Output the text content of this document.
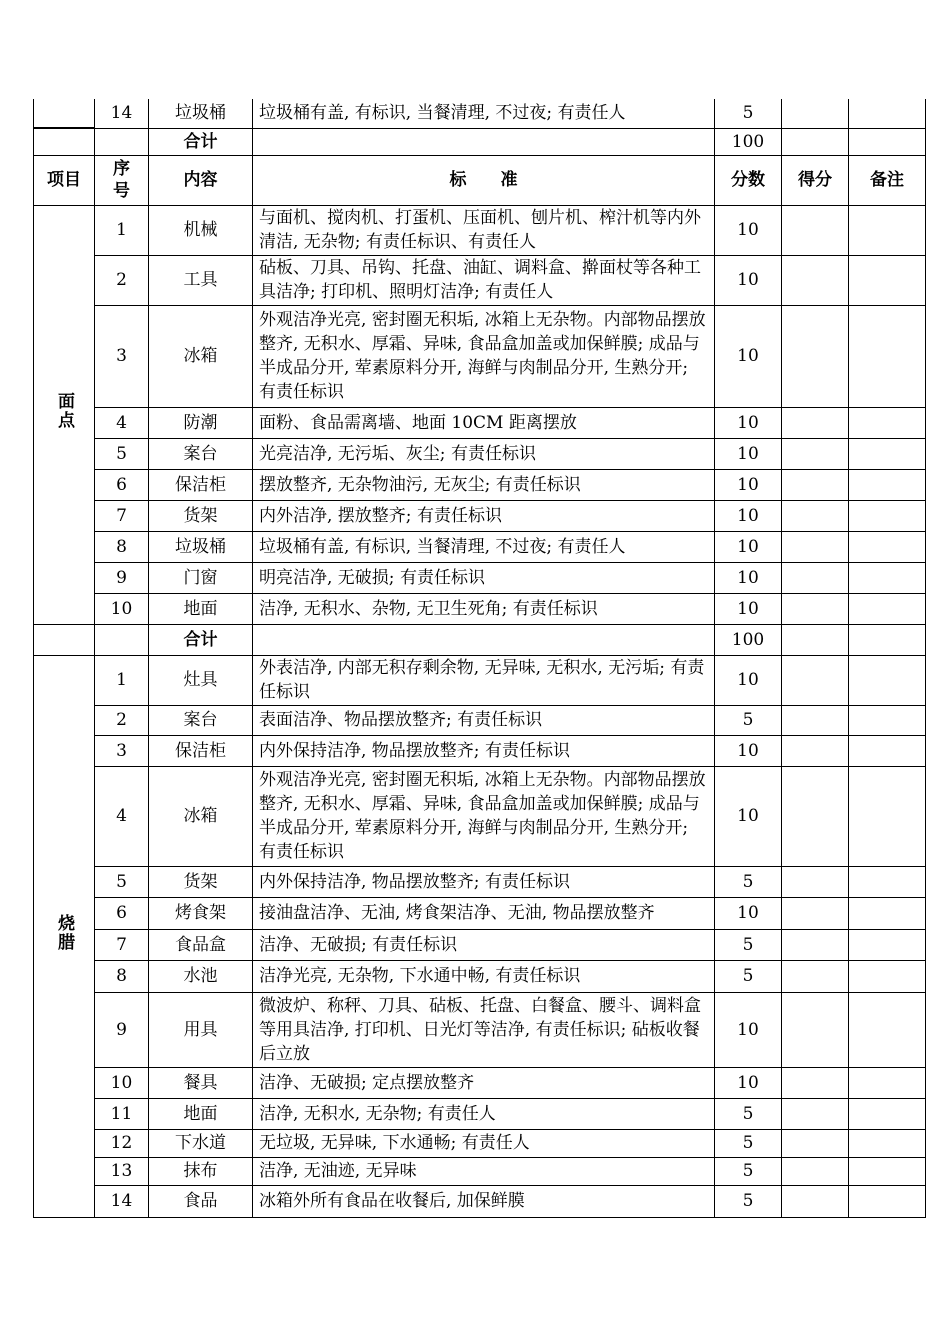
	14	垃圾桶	垃圾桶有盖, 有标识, 当餐清理, 不过夜; 有责任人	5		
		合计		100		
项目	序号	内容	标　　准	分数	得分	备注
面点	1	机械	与面机、搅肉机、打蛋机、压面机、刨片机、榨汁机等内外清洁, 无杂物; 有责任标识、有责任人	10		
	2	工具	砧板、刀具、吊钩、托盘、油缸、调料盒、擀面杖等各种工具洁净; 打印机、照明灯洁净; 有责任人	10		
	3	冰箱	外观洁净光亮, 密封圈无积垢, 冰箱上无杂物。内部物品摆放整齐, 无积水、厚霜、异味, 食品盒加盖或加保鲜膜; 成品与半成品分开, 荤素原料分开, 海鲜与肉制品分开, 生熟分开; 有责任标识	10		
	4	防潮	面粉、食品需离墙、地面 10CM 距离摆放	10		
	5	案台	光亮洁净, 无污垢、灰尘; 有责任标识	10		
	6	保洁柜	摆放整齐, 无杂物油污, 无灰尘; 有责任标识	10		
	7	货架	内外洁净, 摆放整齐; 有责任标识	10		
	8	垃圾桶	垃圾桶有盖, 有标识, 当餐清理, 不过夜; 有责任人	10		
	9	门窗	明亮洁净, 无破损; 有责任标识	10		
	10	地面	洁净, 无积水、杂物, 无卫生死角; 有责任标识	10		
		合计		100		
烧腊	1	灶具	外表洁净, 内部无积存剩余物, 无异味, 无积水, 无污垢; 有责任标识	10		
	2	案台	表面洁净、物品摆放整齐; 有责任标识	5		
	3	保洁柜	内外保持洁净, 物品摆放整齐; 有责任标识	10		
	4	冰箱	外观洁净光亮, 密封圈无积垢, 冰箱上无杂物。内部物品摆放整齐, 无积水、厚霜、异味, 食品盒加盖或加保鲜膜; 成品与半成品分开, 荤素原料分开, 海鲜与肉制品分开, 生熟分开; 有责任标识	10		
	5	货架	内外保持洁净, 物品摆放整齐; 有责任标识	5		
	6	烤食架	接油盘洁净、无油, 烤食架洁净、无油, 物品摆放整齐	10		
	7	食品盒	洁净、无破损; 有责任标识	5		
	8	水池	洁净光亮, 无杂物, 下水通中畅, 有责任标识	5		
	9	用具	微波炉、称秤、刀具、砧板、托盘、白餐盒、腰斗、调料盒等用具洁净, 打印机、日光灯等洁净, 有责任标识; 砧板收餐后立放	10		
	10	餐具	洁净、无破损; 定点摆放整齐	10		
	11	地面	洁净, 无积水, 无杂物; 有责任人	5		
	12	下水道	无垃圾, 无异味, 下水通畅; 有责任人	5		
	13	抹布	洁净, 无油迹, 无异味	5		
	14	食品	冰箱外所有食品在收餐后, 加保鲜膜	5		
